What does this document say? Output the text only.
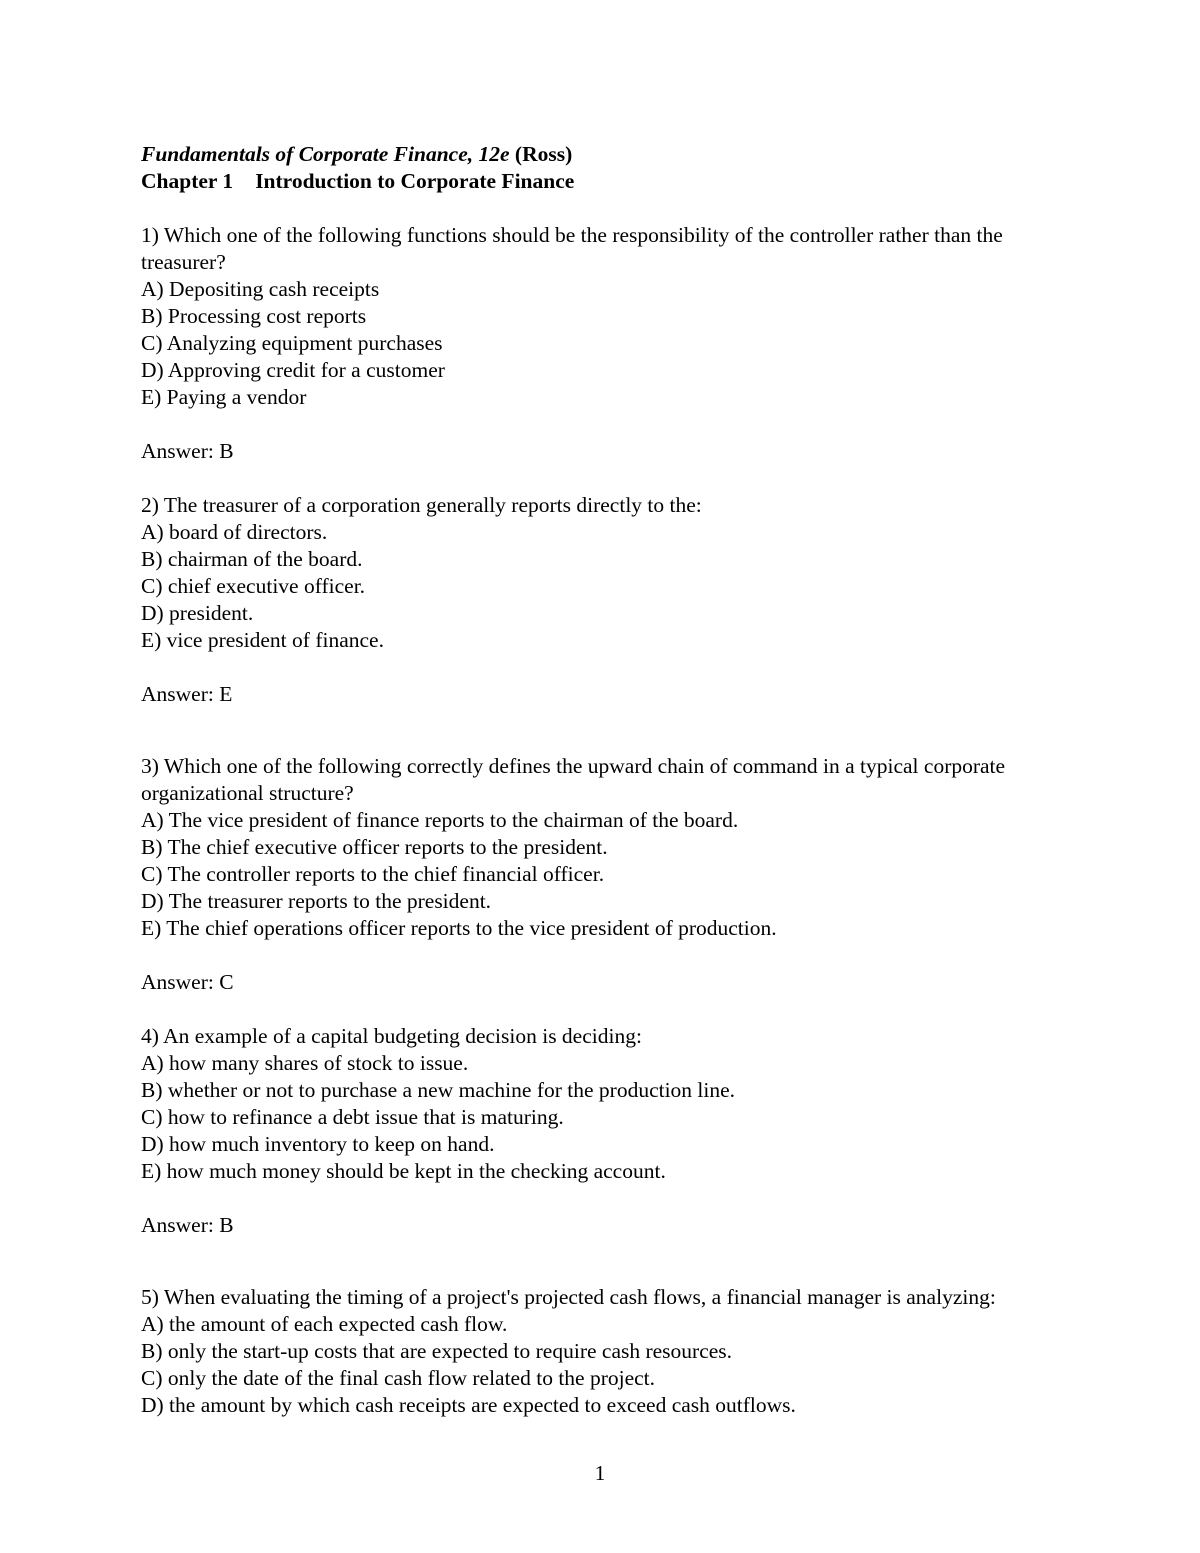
Fundamentals of Corporate Finance, 12e (Ross)
Chapter 1 Introduction to Corporate Finance
1) Which one of the following functions should be the responsibility of the controller rather than the treasurer?
A) Depositing cash receipts
B) Processing cost reports
C) Analyzing equipment purchases
D) Approving credit for a customer
E) Paying a vendor
Answer: B
2) The treasurer of a corporation generally reports directly to the:
A) board of directors.
B) chairman of the board.
C) chief executive officer.
D) president.
E) vice president of finance.
Answer: E
3) Which one of the following correctly defines the upward chain of command in a typical corporate organizational structure?
A) The vice president of finance reports to the chairman of the board.
B) The chief executive officer reports to the president.
C) The controller reports to the chief financial officer.
D) The treasurer reports to the president.
E) The chief operations officer reports to the vice president of production.
Answer: C
4) An example of a capital budgeting decision is deciding:
A) how many shares of stock to issue.
B) whether or not to purchase a new machine for the production line.
C) how to refinance a debt issue that is maturing.
D) how much inventory to keep on hand.
E) how much money should be kept in the checking account.
Answer: B
5) When evaluating the timing of a project's projected cash flows, a financial manager is analyzing:
A) the amount of each expected cash flow.
B) only the start-up costs that are expected to require cash resources.
C) only the date of the final cash flow related to the project.
D) the amount by which cash receipts are expected to exceed cash outflows.
1
